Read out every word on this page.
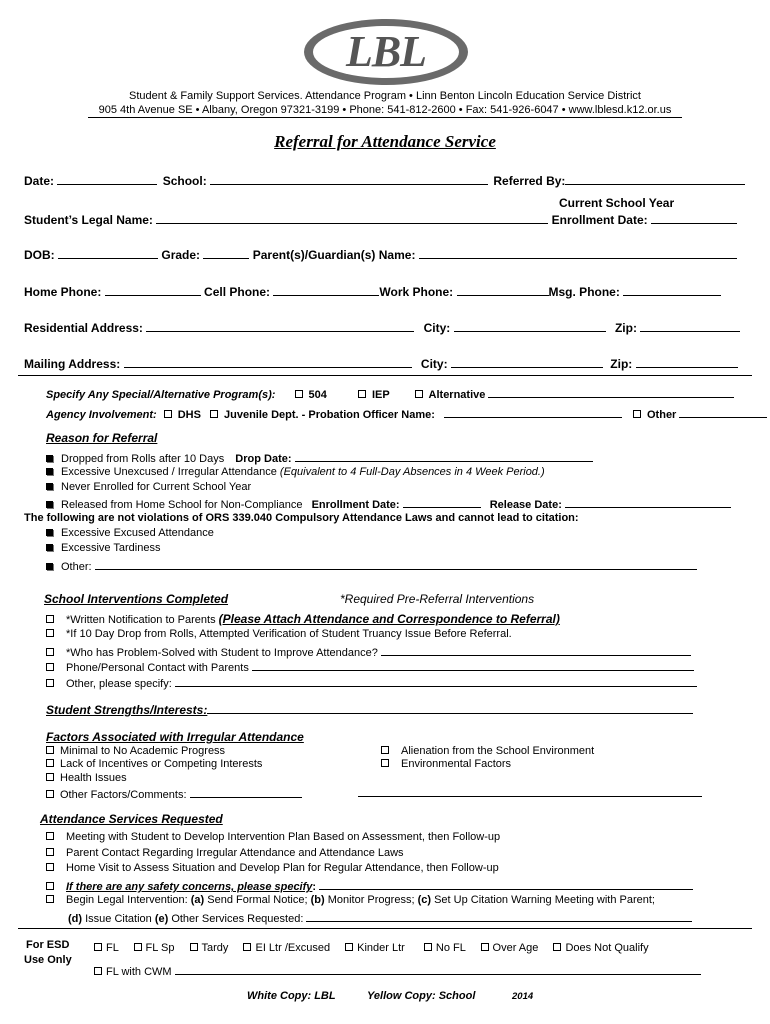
LBL
Student & Family Support Services. Attendance Program • Linn Benton Lincoln Education Service District
905 4th Avenue SE • Albany, Oregon 97321-3199 • Phone: 541-812-2600 • Fax: 541-926-6047 • www.lblesd.k12.or.us
Referral for Attendance Service
Date:	School:	Referred By:
Current School Year
Student’s Legal Name:	Enrollment Date:
DOB:	Grade:	Parent(s)/Guardian(s) Name:
Home Phone:	Cell Phone:	Work Phone:	Msg. Phone:
Residential Address:	City:	Zip:
Mailing Address:	City:	Zip:
Specify Any Special/Alternative Program(s):	504	IEP	Alternative
Agency Involvement: DHS Juvenile Dept. - Probation Officer Name:	Other
Reason for Referral
Dropped from Rolls after 10 Days Drop Date:
Excessive Unexcused / Irregular Attendance (Equivalent to 4 Full-Day Absences in 4 Week Period.)
Never Enrolled for Current School Year
Released from Home School for Non-Compliance Enrollment Date:	Release Date:
The following are not violations of ORS 339.040 Compulsory Attendance Laws and cannot lead to citation:
Excessive Excused Attendance
Excessive Tardiness
Other:
School Interventions Completed	*Required Pre-Referral Interventions
*Written Notification to Parents (Please Attach Attendance and Correspondence to Referral)
*If 10 Day Drop from Rolls, Attempted Verification of Student Truancy Issue Before Referral.
*Who has Problem-Solved with Student to Improve Attendance?
Phone/Personal Contact with Parents
Other, please specify:
Student Strengths/Interests:
Factors Associated with Irregular Attendance
Minimal to No Academic Progress
Lack of Incentives or Competing Interests
Health Issues
Other Factors/Comments:
Alienation from the School Environment
Environmental Factors
Attendance Services Requested
Meeting with Student to Develop Intervention Plan Based on Assessment, then Follow-up
Parent Contact Regarding Irregular Attendance and Attendance Laws
Home Visit to Assess Situation and Develop Plan for Regular Attendance, then Follow-up
If there are any safety concerns, please specify:
Begin Legal Intervention: (a) Send Formal Notice; (b) Monitor Progress; (c) Set Up Citation Warning Meeting with Parent;
(d) Issue Citation (e) Other Services Requested:
For ESD
Use Only
FL FL Sp Tardy EI Ltr /Excused Kinder Ltr	No FL Over Age Does Not Qualify
FL with CWM
White Copy: LBL	Yellow Copy: School	2014
